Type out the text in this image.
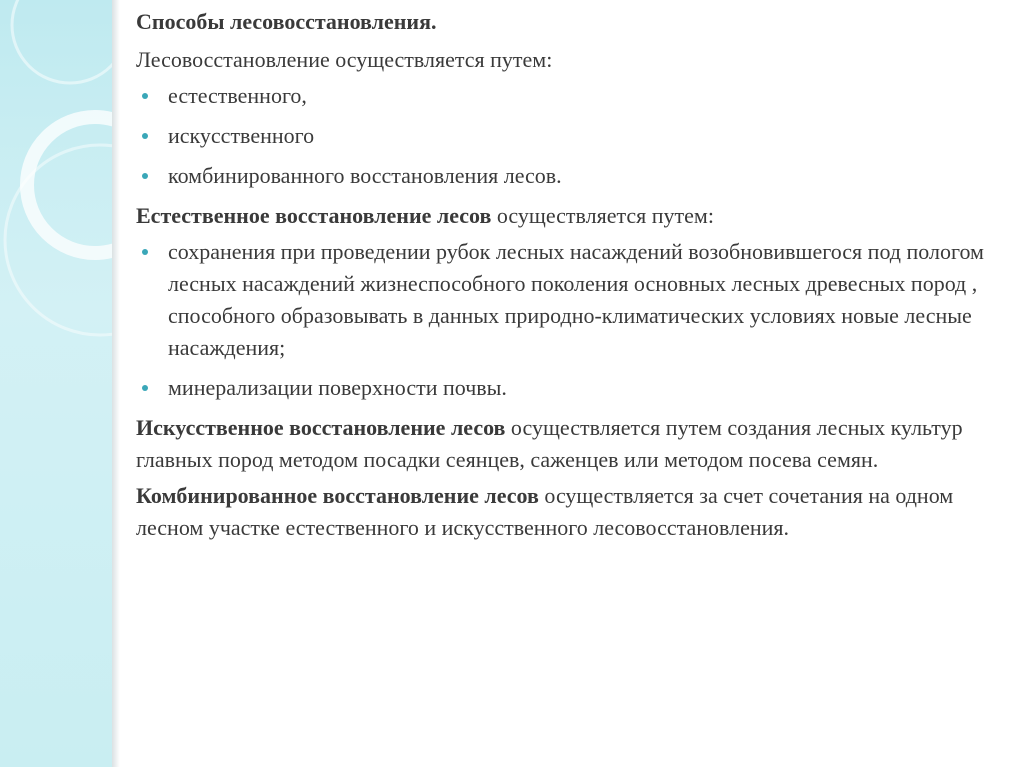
Способы лесовосстановления.

Лесовосстановление осуществляется путем:

естественного,
искусственного
комбинированного восстановления лесов.

Естественное восстановление лесов осуществляется путем:

сохранения при проведении рубок лесных насаждений возобновившегося под пологом лесных насаждений жизнеспособного поколения основных лесных древесных пород , способного образовывать в данных природно-климатических условиях новые лесные насаждения;
минерализации поверхности почвы.

Искусственное восстановление лесов осуществляется путем создания лесных культур главных пород методом посадки сеянцев, саженцев или методом посева семян.

Комбинированное восстановление лесов осуществляется за счет сочетания на одном лесном участке естественного и искусственного лесовосстановления.
